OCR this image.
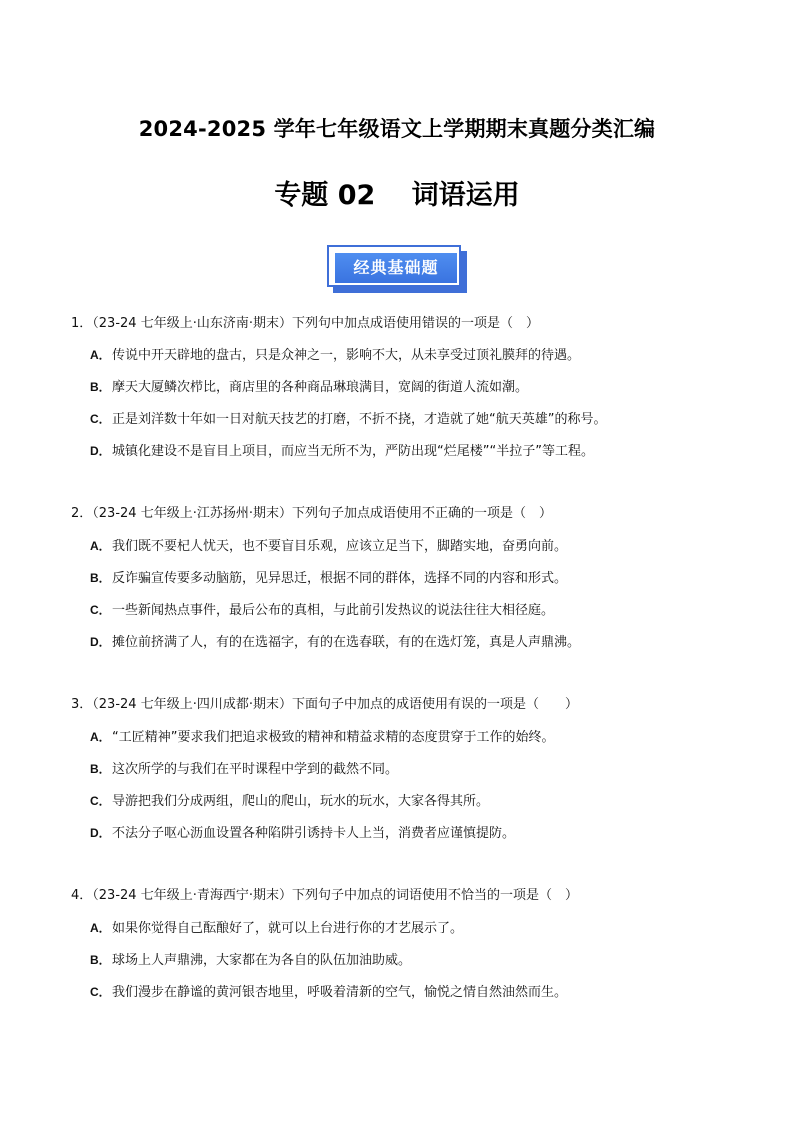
2024-2025 学年七年级语文上学期期末真题分类汇编
专题 02　 词语运用
经典基础题
1．（23-24 七年级上·山东济南·期末）下列句中加点成语使用错误的一项是（　）
A．传说中开天辟地的盘古，只是众神之一，影响不大，从未享受过顶礼膜拜的待遇。
B．摩天大厦鳞次栉比，商店里的各种商品琳琅满目，宽阔的街道人流如潮。
C．正是刘洋数十年如一日对航天技艺的打磨，不折不挠，才造就了她“航天英雄”的称号。
D．城镇化建设不是盲目上项目，而应当无所不为，严防出现“烂尾楼”“半拉子”等工程。
2．（23-24 七年级上·江苏扬州·期末）下列句子加点成语使用不正确的一项是（　）
A．我们既不要杞人忧天，也不要盲目乐观，应该立足当下，脚踏实地，奋勇向前。
B．反诈骗宣传要多动脑筋，见异思迁，根据不同的群体，选择不同的内容和形式。
C．一些新闻热点事件，最后公布的真相，与此前引发热议的说法往往大相径庭。
D．摊位前挤满了人，有的在选福字，有的在选春联，有的在选灯笼，真是人声鼎沸。
3．（23-24 七年级上·四川成都·期末）下面句子中加点的成语使用有误的一项是（　　）
A．“工匠精神”要求我们把追求极致的精神和精益求精的态度贯穿于工作的始终。
B．这次所学的与我们在平时课程中学到的截然不同。
C．导游把我们分成两组，爬山的爬山，玩水的玩水，大家各得其所。
D．不法分子呕心沥血设置各种陷阱引诱持卡人上当，消费者应谨慎提防。
4．（23-24 七年级上·青海西宁·期末）下列句子中加点的词语使用不恰当的一项是（　）
A．如果你觉得自己酝酿好了，就可以上台进行你的才艺展示了。
B．球场上人声鼎沸，大家都在为各自的队伍加油助威。
C．我们漫步在静谧的黄河银杏地里，呼吸着清新的空气，愉悦之情自然油然而生。
